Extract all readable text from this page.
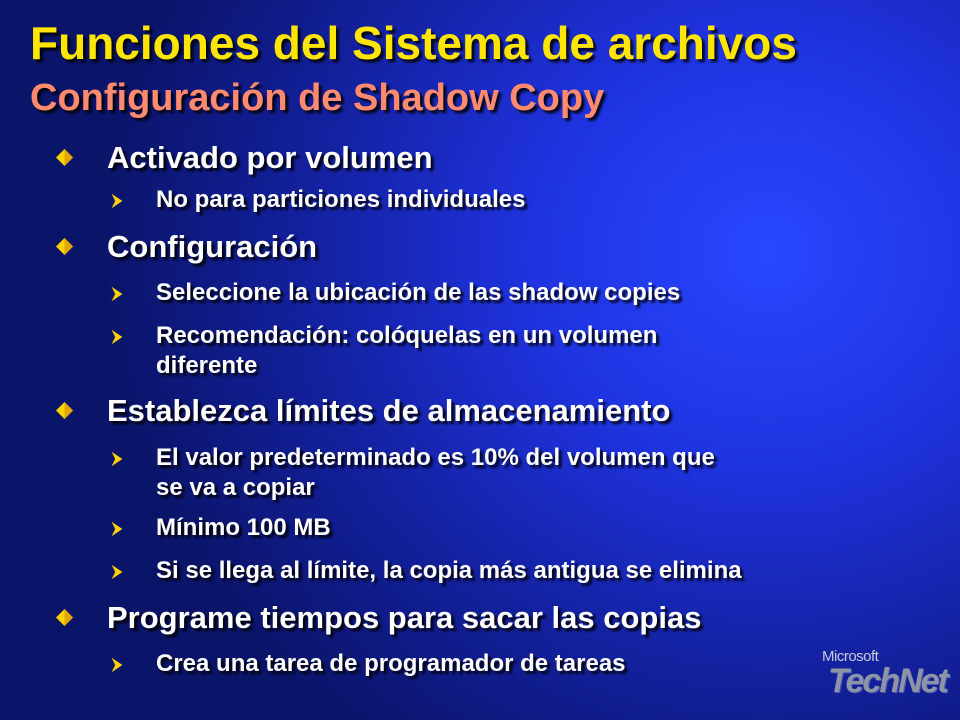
Funciones del Sistema de archivos
Configuración de Shadow Copy
Activado por volumen
No para particiones individuales
Configuración
Seleccione la ubicación de las shadow copies
Recomendación: colóquelas en un volumen
diferente
Establezca límites de almacenamiento
El valor predeterminado es 10% del volumen que
se va a copiar
Mínimo 100 MB
Si se llega al límite, la copia más antigua se elimina
Programe tiempos para sacar las copias
Crea una tarea de programador de tareas	Microsoft
TechNet
